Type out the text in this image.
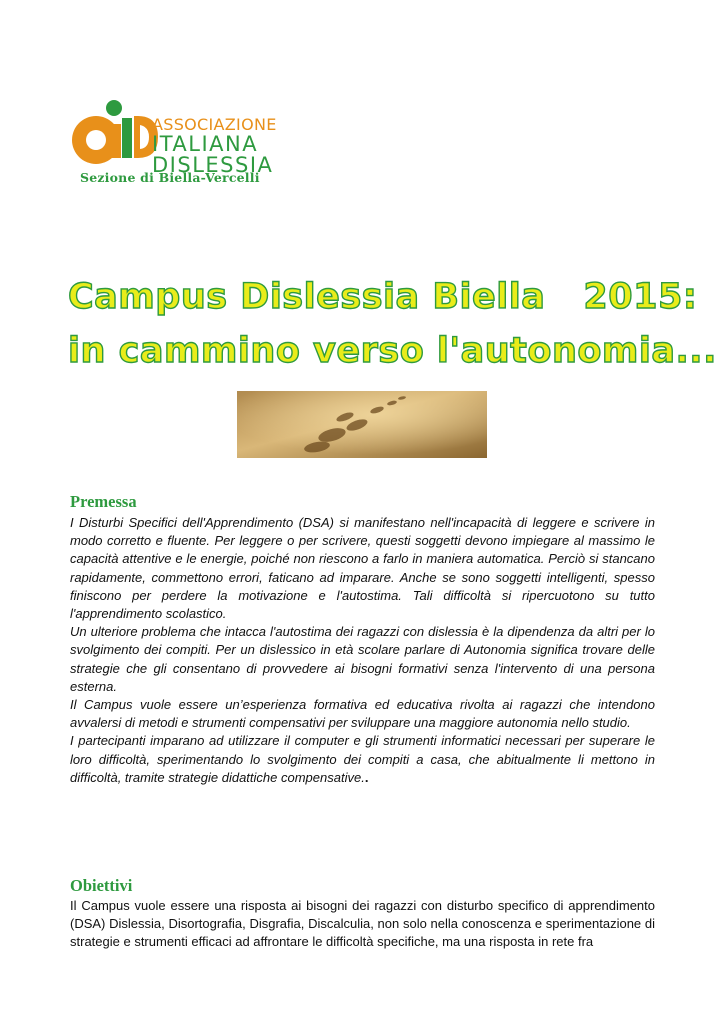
ASSOCIAZIONE
ITALIANA
DISLESSIA
Sezione di Biella-Vercelli
Campus Dislessia Biella   2015:
in cammino verso l'autonomia...
Premessa

I Disturbi Specifici dell'Apprendimento (DSA) si manifestano nell'incapacità di leggere e scrivere in modo corretto e fluente. Per leggere o per scrivere, questi soggetti devono impiegare al massimo le capacità attentive e le energie, poiché non riescono a farlo in maniera automatica. Perciò si stancano rapidamente, commettono errori, faticano ad imparare. Anche se sono soggetti intelligenti, spesso finiscono per perdere la motivazione e l'autostima. Tali difficoltà si ripercuotono su tutto l'apprendimento scolastico.

Un ulteriore problema che intacca l'autostima dei ragazzi con dislessia è la dipendenza da altri per lo svolgimento dei compiti. Per un dislessico in età scolare parlare di Autonomia significa trovare delle strategie che gli consentano di provvedere ai bisogni formativi senza l'intervento di una persona esterna.

Il Campus vuole essere un’esperienza formativa ed educativa rivolta ai ragazzi che intendono avvalersi di metodi e strumenti compensativi per sviluppare una maggiore autonomia nello studio.

I partecipanti imparano ad utilizzare il computer e gli strumenti informatici necessari per superare le loro difficoltà, sperimentando lo svolgimento dei compiti a casa, che abitualmente li mettono in difficoltà, tramite strategie didattiche compensative..

Obiettivi

Il Campus vuole essere una risposta ai bisogni dei ragazzi con disturbo specifico di apprendimento (DSA) Dislessia, Disortografia, Disgrafia, Discalculia, non solo nella conoscenza e sperimentazione di strategie e strumenti efficaci ad affrontare le difficoltà specifiche, ma una risposta in rete fra
